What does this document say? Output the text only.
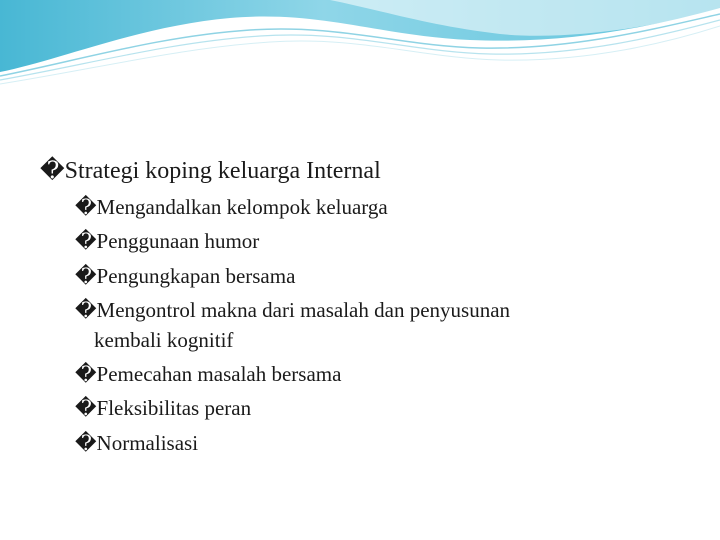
�Strategi koping keluarga Internal
�Mengandalkan kelompok keluarga
�Penggunaan humor
�Pengungkapan bersama
�Mengontrol makna dari masalah dan penyusunan
kembali kognitif
�Pemecahan masalah bersama
�Fleksibilitas peran
�Normalisasi
